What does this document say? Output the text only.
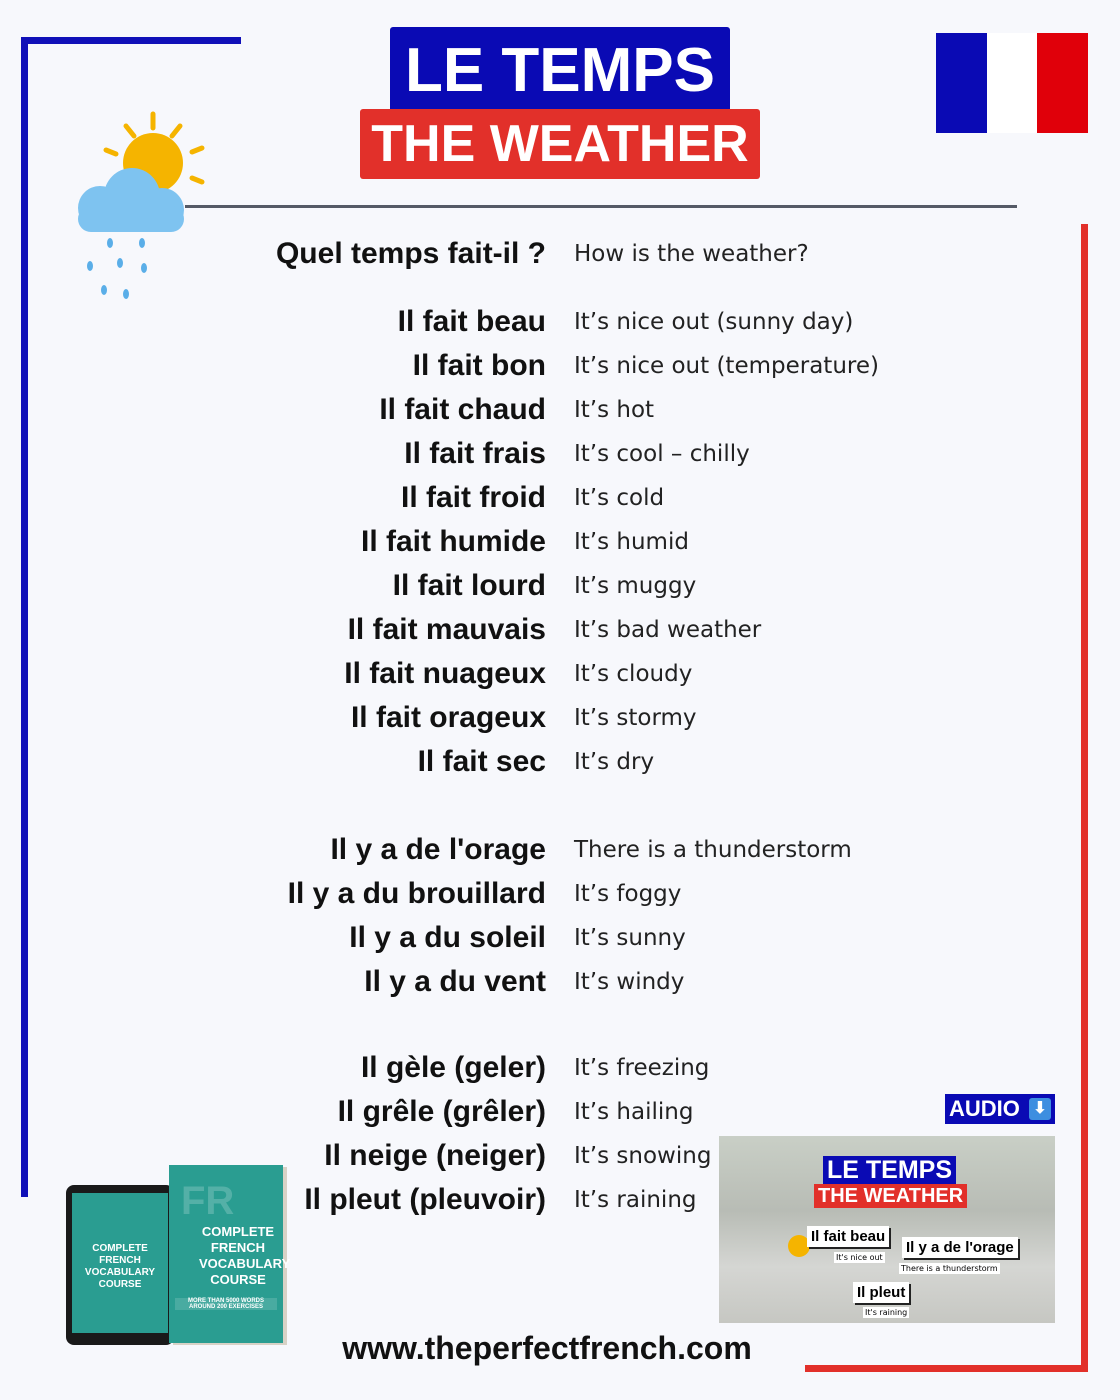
LE TEMPS
THE WEATHER
Quel temps fait-il ? How is the weather?
Il fait beau It’s nice out (sunny day)
Il fait bon It’s nice out (temperature)
Il fait chaud It’s hot
Il fait frais It’s cool – chilly
Il fait froid It’s cold
Il fait humide It’s humid
Il fait lourd It’s muggy
Il fait mauvais It’s bad weather
Il fait nuageux It’s cloudy
Il fait orageux It’s stormy
Il fait sec It’s dry
Il y a de l'orage There is a thunderstorm
Il y a du brouillard It’s foggy
Il y a du soleil It’s sunny
Il y a du vent It’s windy
Il gèle (geler) It’s freezing
Il grêle (grêler) It’s hailing
Il neige (neiger) It’s snowing
Il pleut (pleuvoir) It’s raining
AUDIO ⬇
LE TEMPS
THE WEATHER
Il fait beau
It's nice out
Il y a de l'orage
There is a thunderstorm
Il pleut
It's raining
COMPLETE FRENCH VOCABULARY COURSE
FR
COMPLETE FRENCH VOCABULARY COURSE
MORE THAN 5000 WORDS AROUND 200 EXERCISES
www.theperfectfrench.com
